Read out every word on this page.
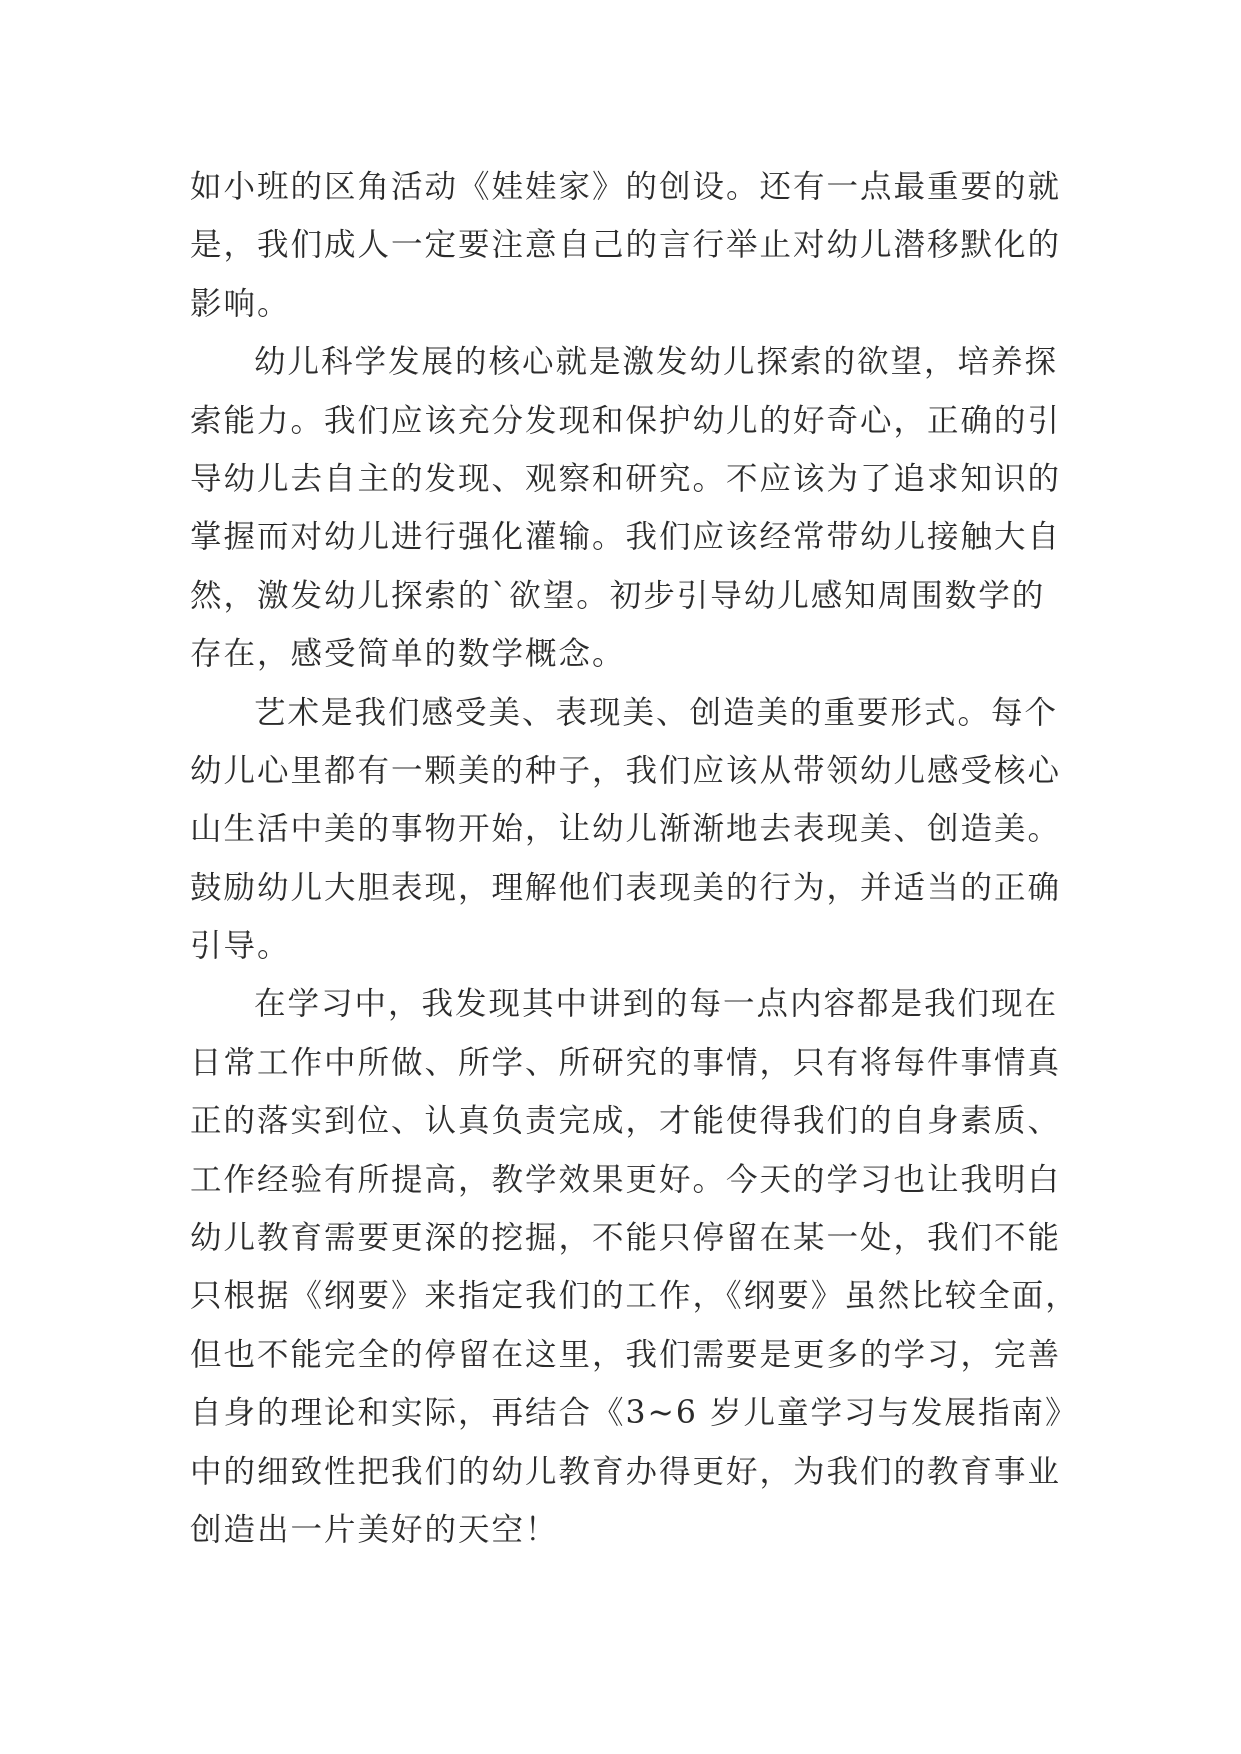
如小班的区角活动《娃娃家》的创设。还有一点最重要的就
是，我们成人一定要注意自己的言行举止对幼儿潜移默化的
影响。
幼儿科学发展的核心就是激发幼儿探索的欲望，培养探
索能力。我们应该充分发现和保护幼儿的好奇心，正确的引
导幼儿去自主的发现、观察和研究。不应该为了追求知识的
掌握而对幼儿进行强化灌输。我们应该经常带幼儿接触大自
然，激发幼儿探索的`欲望。初步引导幼儿感知周围数学的
存在，感受简单的数学概念。
艺术是我们感受美、表现美、创造美的重要形式。每个
幼儿心里都有一颗美的种子，我们应该从带领幼儿感受核心
山生活中美的事物开始，让幼儿渐渐地去表现美、创造美。
鼓励幼儿大胆表现，理解他们表现美的行为，并适当的正确
引导。
在学习中，我发现其中讲到的每一点内容都是我们现在
日常工作中所做、所学、所研究的事情，只有将每件事情真
正的落实到位、认真负责完成，才能使得我们的自身素质、
工作经验有所提高，教学效果更好。今天的学习也让我明白
幼儿教育需要更深的挖掘，不能只停留在某一处，我们不能
只根据《纲要》来指定我们的工作，《纲要》虽然比较全面，
但也不能完全的停留在这里，我们需要是更多的学习，完善
自身的理论和实际，再结合《3~6 岁儿童学习与发展指南》
中的细致性把我们的幼儿教育办得更好，为我们的教育事业
创造出一片美好的天空！
